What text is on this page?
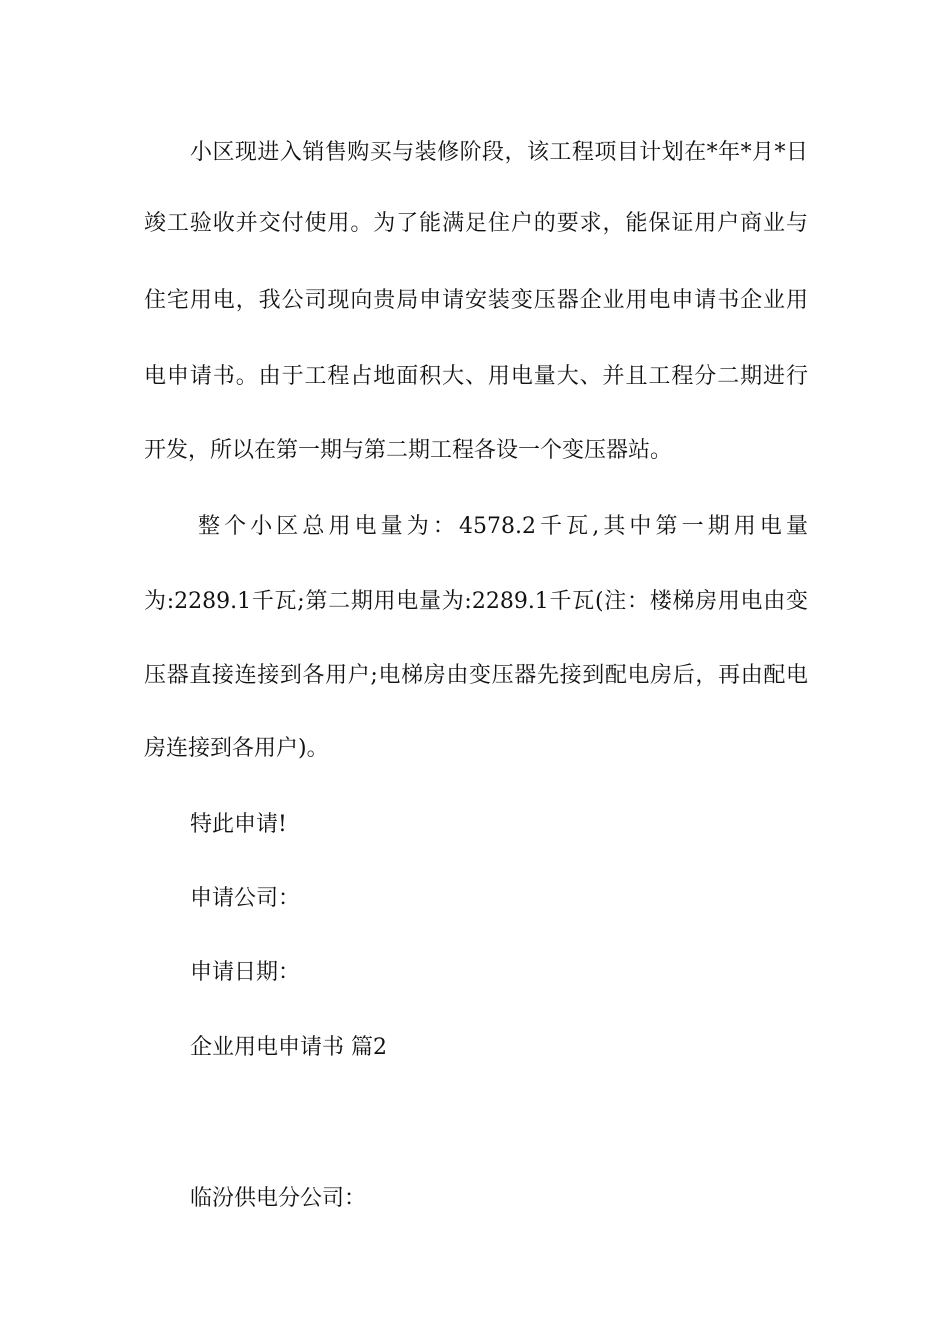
小区现进入销售购买与装修阶段，该工程项目计划在*年*月*日
竣工验收并交付使用。为了能满足住户的要求，能保证用户商业与
住宅用电，我公司现向贵局申请安装变压器企业用电申请书企业用
电申请书。由于工程占地面积大、用电量大、并且工程分二期进行
开发，所以在第一期与第二期工程各设一个变压器站。
整个小区总用电量为：4578.2千瓦,其中第一期用电量
为:2289.1千瓦;第二期用电量为:2289.1千瓦(注：楼梯房用电由变
压器直接连接到各用户;电梯房由变压器先接到配电房后，再由配电
房连接到各用户)。
特此申请!
申请公司：
申请日期：
企业用电申请书 篇2
临汾供电分公司：
